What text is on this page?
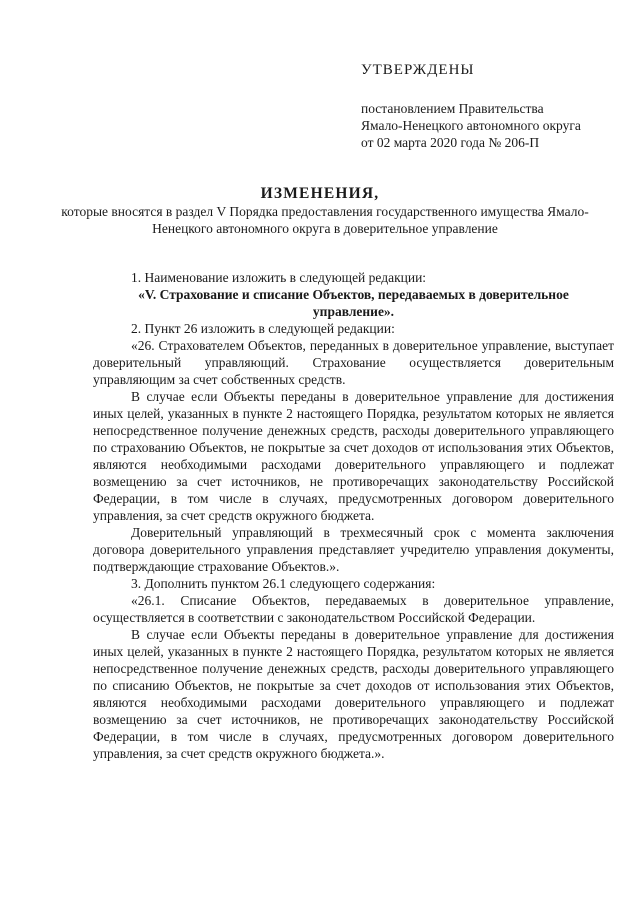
УТВЕРЖДЕНЫ
постановлением Правительства
Ямало-Ненецкого автономного округа
от 02 марта 2020 года № 206-П
ИЗМЕНЕНИЯ,
которые вносятся в раздел V Порядка предоставления государственного имущества Ямало-Ненецкого автономного округа в доверительное управление

1. Наименование изложить в следующей редакции:

«V. Страхование и списание Объектов, передаваемых в доверительное управление».

2. Пункт 26 изложить в следующей редакции:

«26. Страхователем Объектов, переданных в доверительное управление, выступает доверительный управляющий. Страхование осуществляется доверительным управляющим за счет собственных средств.

В случае если Объекты переданы в доверительное управление для достижения иных целей, указанных в пункте 2 настоящего Порядка, результатом которых не является непосредственное получение денежных средств, расходы доверительного управляющего по страхованию Объектов, не покрытые за счет доходов от использования этих Объектов, являются необходимыми расходами доверительного управляющего и подлежат возмещению за счет источников, не противоречащих законодательству Российской Федерации, в том числе в случаях, предусмотренных договором доверительного управления, за счет средств окружного бюджета.

Доверительный управляющий в трехмесячный срок с момента заключения договора доверительного управления представляет учредителю управления документы, подтверждающие страхование Объектов.».

3. Дополнить пунктом 26.1 следующего содержания:

«26.1. Списание Объектов, передаваемых в доверительное управление, осуществляется в соответствии с законодательством Российской Федерации.

В случае если Объекты переданы в доверительное управление для достижения иных целей, указанных в пункте 2 настоящего Порядка, результатом которых не является непосредственное получение денежных средств, расходы доверительного управляющего по списанию Объектов, не покрытые за счет доходов от использования этих Объектов, являются необходимыми расходами доверительного управляющего и подлежат возмещению за счет источников, не противоречащих законодательству Российской Федерации, в том числе в случаях, предусмотренных договором доверительного управления, за счет средств окружного бюджета.».
